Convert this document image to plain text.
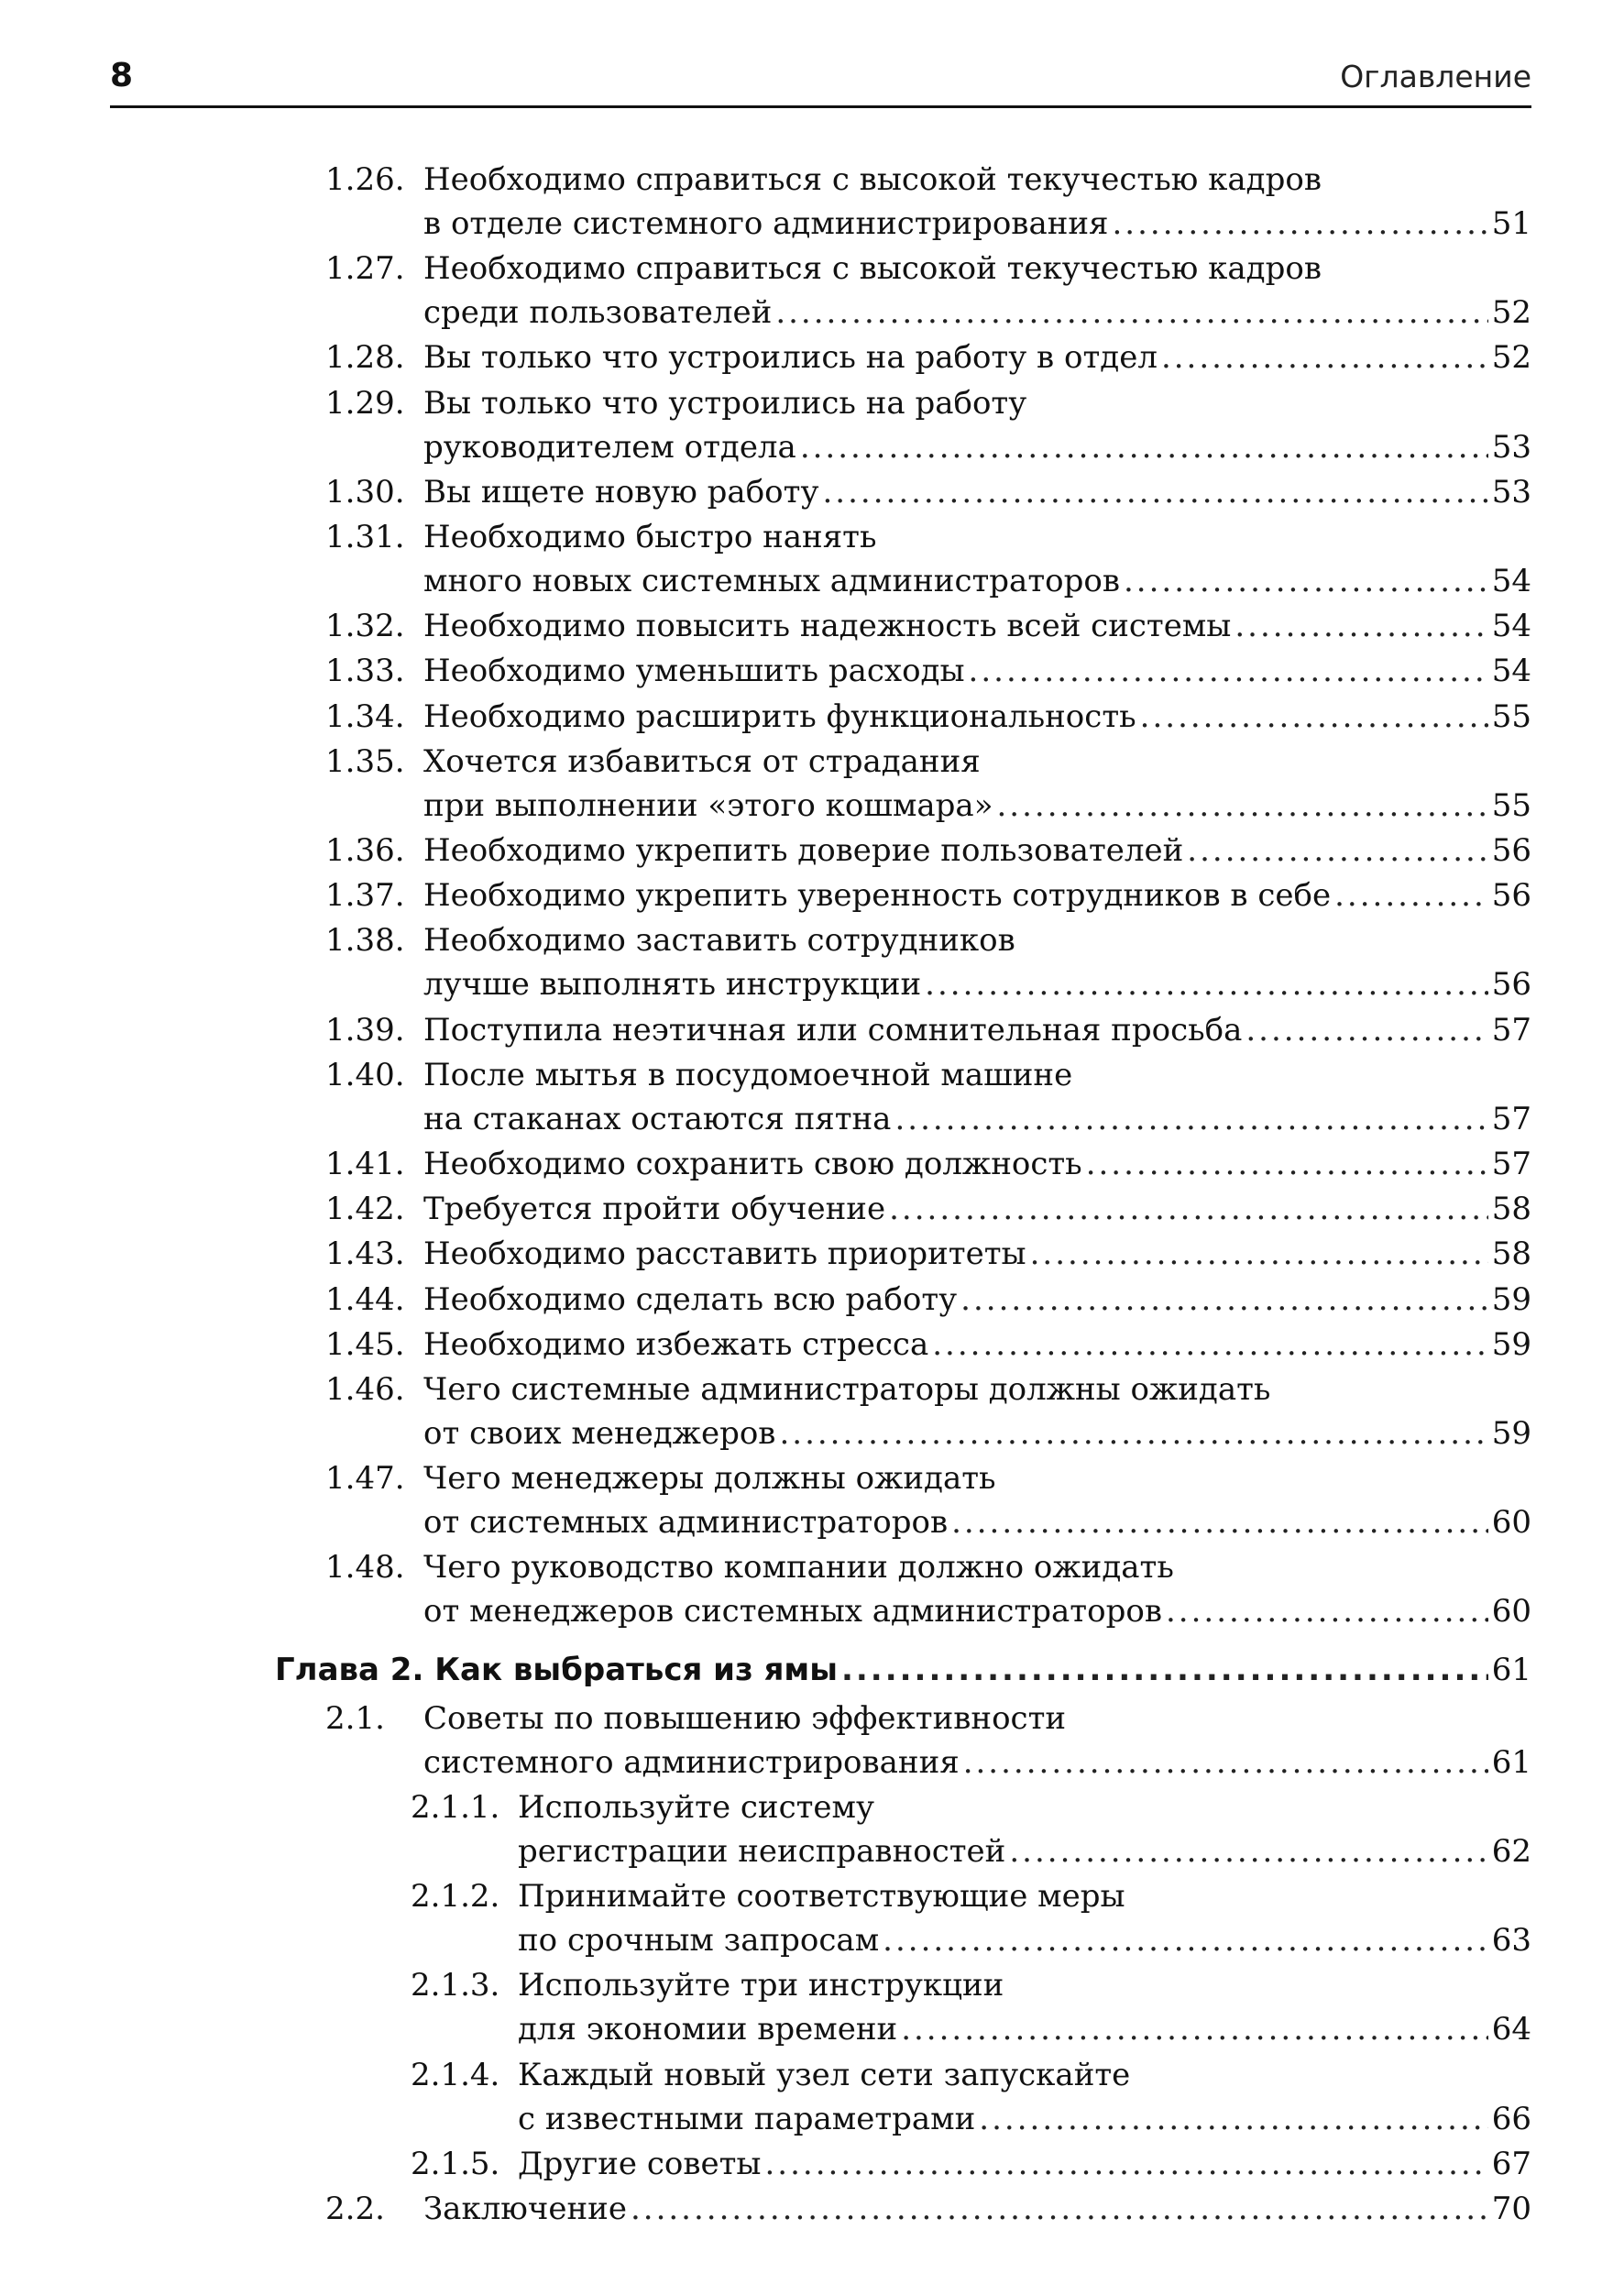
8	Оглавление
1.26. Необходимо справиться с высокой текучестью кадров
в отделе системного администрирования .....	51
1.27. Необходимо справиться с высокой текучестью кадров
среди пользователей .....	52
1.28. Вы только что устроились на работу в отдел .....	52
1.29. Вы только что устроились на работу
руководителем отдела .....	53
1.30. Вы ищете новую работу .....	53
1.31. Необходимо быстро нанять
много новых системных администраторов .....	54
1.32. Необходимо повысить надежность всей системы .....	54
1.33. Необходимо уменьшить расходы .....	54
1.34. Необходимо расширить функциональность .....	55
1.35. Хочется избавиться от страдания
при выполнении «этого кошмара» .....	55
1.36. Необходимо укрепить доверие пользователей .....	56
1.37. Необходимо укрепить уверенность сотрудников в себе .....	56
1.38. Необходимо заставить сотрудников
лучше выполнять инструкции .....	56
1.39. Поступила неэтичная или сомнительная просьба .....	57
1.40. После мытья в посудомоечной машине
на стаканах остаются пятна .....	57
1.41. Необходимо сохранить свою должность .....	57
1.42. Требуется пройти обучение .....	58
1.43. Необходимо расставить приоритеты .....	58
1.44. Необходимо сделать всю работу .....	59
1.45. Необходимо избежать стресса .....	59
1.46. Чего системные администраторы должны ожидать
от своих менеджеров .....	59
1.47. Чего менеджеры должны ожидать
от системных администраторов .....	60
1.48. Чего руководство компании должно ожидать
от менеджеров системных администраторов .....	60
Глава 2. Как выбраться из ямы .....	61
2.1. Советы по повышению эффективности
системного администрирования .....	61
2.1.1. Используйте систему
регистрации неисправностей .....	62
2.1.2. Принимайте соответствующие меры
по срочным запросам .....	63
2.1.3. Используйте три инструкции
для экономии времени .....	64
2.1.4. Каждый новый узел сети запускайте
с известными параметрами .....	66
2.1.5. Другие советы .....	67
2.2. Заключение .....	70
